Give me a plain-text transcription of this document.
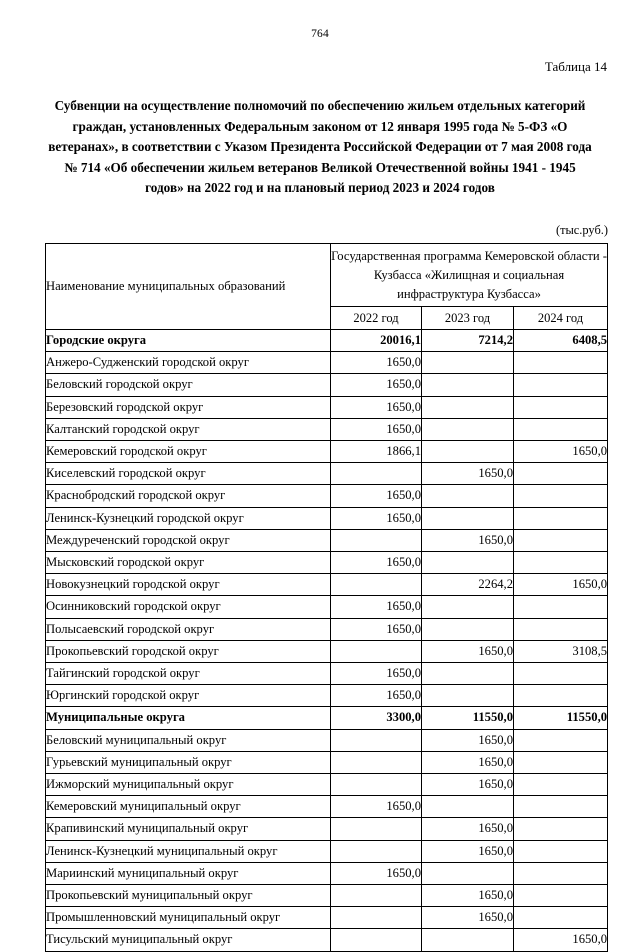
764
Таблица 14
Субвенции на осуществление полномочий по обеспечению жильем отдельных категорий граждан, установленных Федеральным законом от 12 января 1995 года № 5-ФЗ «О ветеранах», в соответствии с Указом Президента Российской Федерации от 7 мая 2008 года № 714 «Об обеспечении жильем ветеранов Великой Отечественной войны 1941 - 1945 годов» на 2022 год и на плановый период 2023 и 2024 годов
(тыс.руб.)
Наименование муниципальных образований	Государственная программа Кемеровской области - Кузбасса «Жилищная и социальная инфраструктура Кузбасса»		
	2022 год	2023 год	2024 год
Городские округа	20016,1	7214,2	6408,5
Анжеро-Судженский городской округ	1650,0		
Беловский городской округ	1650,0		
Березовский городской округ	1650,0		
Калтанский городской округ	1650,0		
Кемеровский городской округ	1866,1		1650,0
Киселевский городской округ		1650,0	
Краснобродский городской округ	1650,0		
Ленинск-Кузнецкий городской округ	1650,0		
Междуреченский городской округ		1650,0	
Мысковский городской округ	1650,0		
Новокузнецкий городской округ		2264,2	1650,0
Осинниковский городской округ	1650,0		
Полысаевский городской округ	1650,0		
Прокопьевский городской округ		1650,0	3108,5
Тайгинский городской округ	1650,0		
Юргинский городской округ	1650,0		
Муниципальные округа	3300,0	11550,0	11550,0
Беловский муниципальный округ		1650,0	
Гурьевский муниципальный округ		1650,0	
Ижморский муниципальный округ		1650,0	
Кемеровский муниципальный округ	1650,0		
Крапивинский муниципальный округ		1650,0	
Ленинск-Кузнецкий муниципальный округ		1650,0	
Мариинский муниципальный округ	1650,0		
Прокопьевский муниципальный округ		1650,0	
Промышленновский муниципальный округ		1650,0	
Тисульский муниципальный округ			1650,0
